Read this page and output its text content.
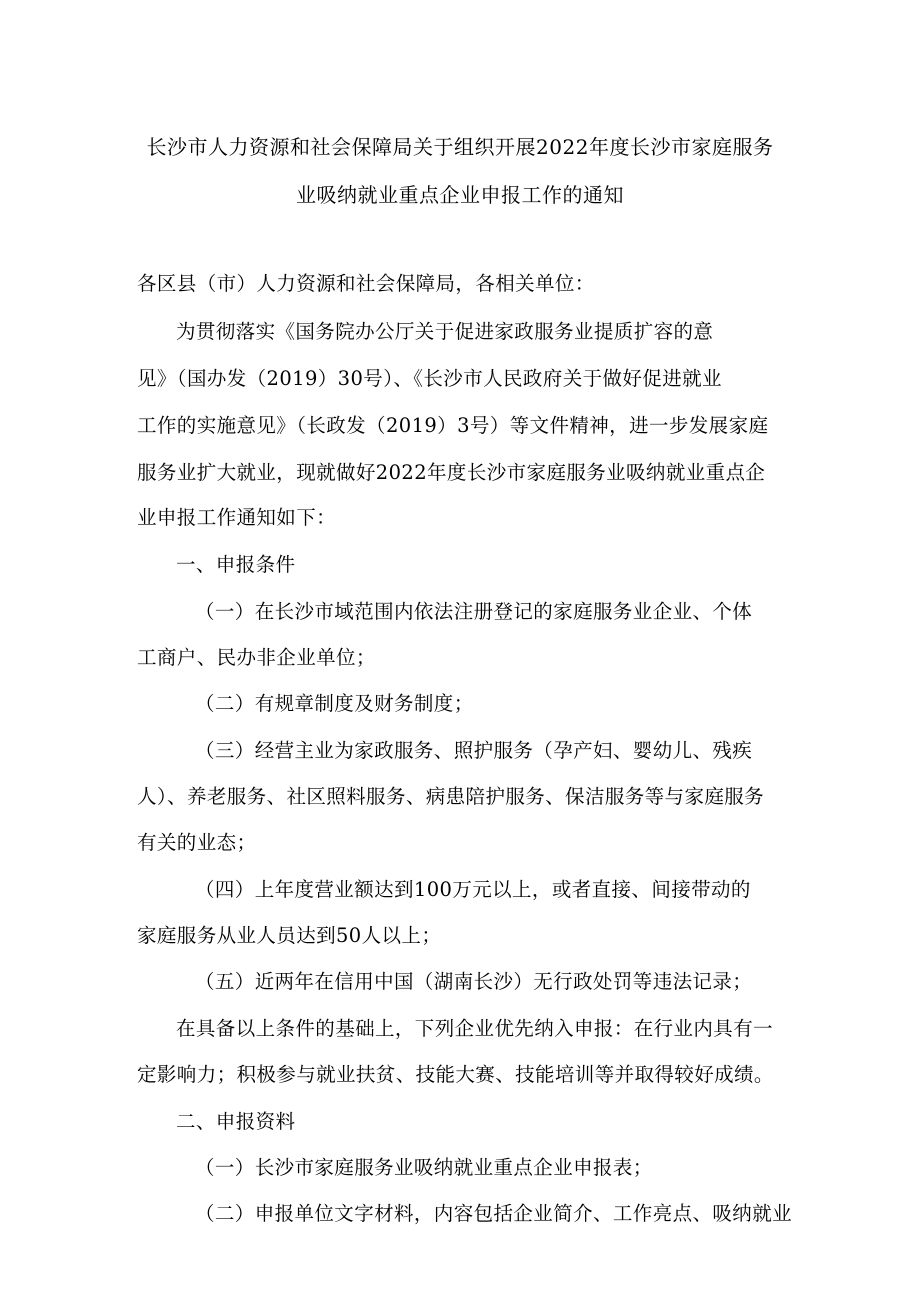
长沙市人力资源和社会保障局关于组织开展2022年度长沙市家庭服务
业吸纳就业重点企业申报工作的通知
各区县（市）人力资源和社会保障局，各相关单位：
为贯彻落实《国务院办公厅关于促进家政服务业提质扩容的意
见》（国办发（2019）30号）、《长沙市人民政府关于做好促进就业
工作的实施意见》（长政发（2019）3号）等文件精神，进一步发展家庭
服务业扩大就业，现就做好2022年度长沙市家庭服务业吸纳就业重点企
业申报工作通知如下：
一、申报条件
（一）在长沙市域范围内依法注册登记的家庭服务业企业、个体
工商户、民办非企业单位；
（二）有规章制度及财务制度；
（三）经营主业为家政服务、照护服务（孕产妇、婴幼儿、残疾
人）、养老服务、社区照料服务、病患陪护服务、保洁服务等与家庭服务
有关的业态；
（四）上年度营业额达到100万元以上，或者直接、间接带动的
家庭服务从业人员达到50人以上；
（五）近两年在信用中国（湖南长沙）无行政处罚等违法记录；
在具备以上条件的基础上，下列企业优先纳入申报：在行业内具有一
定影响力；积极参与就业扶贫、技能大赛、技能培训等并取得较好成绩。
二、申报资料
（一）长沙市家庭服务业吸纳就业重点企业申报表；
（二）申报单位文字材料，内容包括企业简介、工作亮点、吸纳就业
